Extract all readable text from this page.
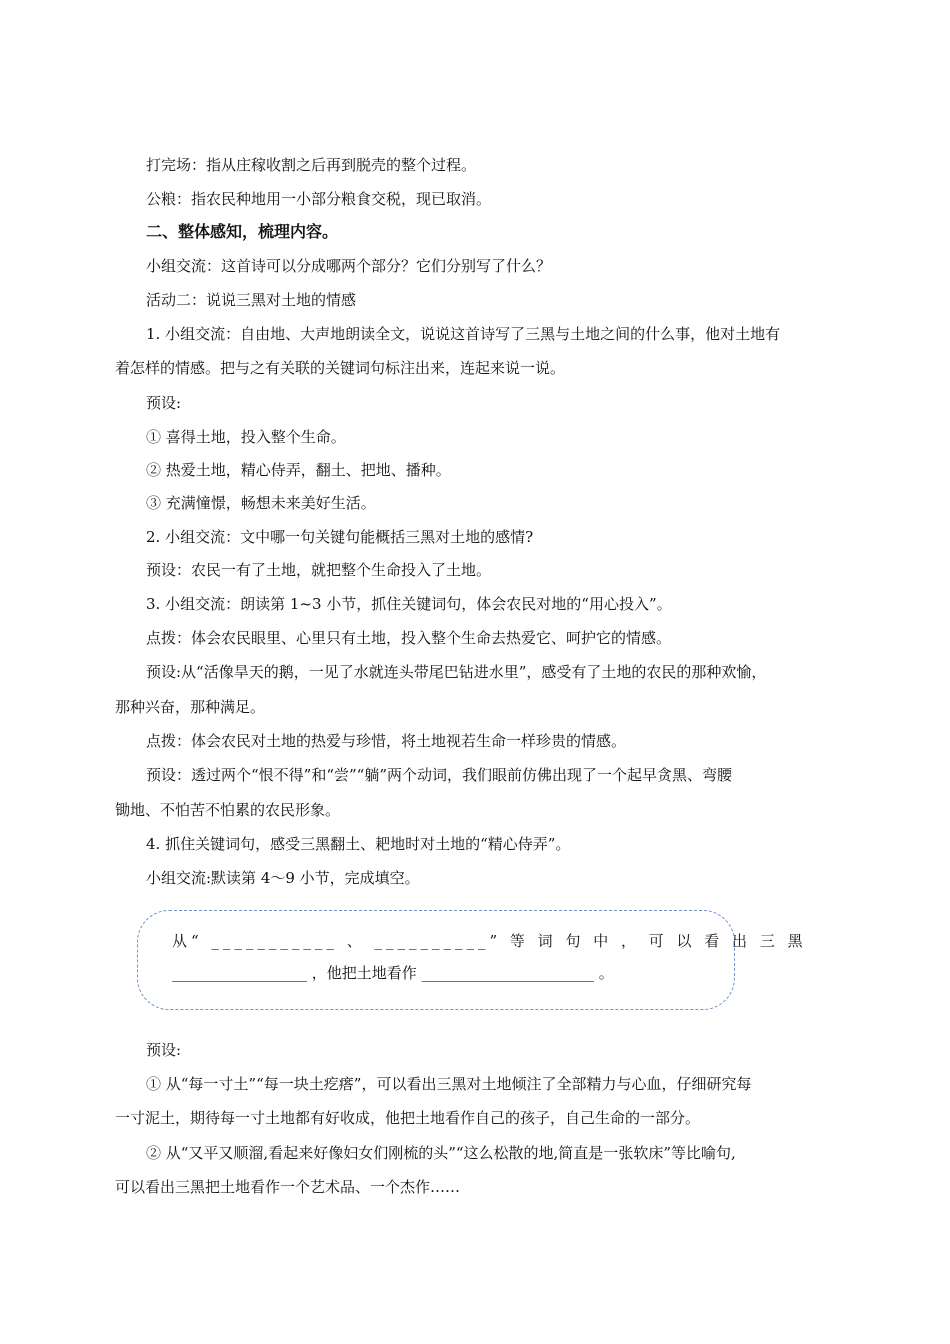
打完场：指从庄稼收割之后再到脱壳的整个过程。
公粮：指农民种地用一小部分粮食交税，现已取消。
二、整体感知，梳理内容。
小组交流：这首诗可以分成哪两个部分？它们分别写了什么？
活动二：说说三黑对土地的情感
1. 小组交流：自由地、大声地朗读全文，说说这首诗写了三黑与土地之间的什么事，他对土地有
着怎样的情感。把与之有关联的关键词句标注出来，连起来说一说。
预设:
① 喜得土地，投入整个生命。
② 热爱土地，精心侍弄，翻土、把地、播种。
③ 充满憧憬，畅想未来美好生活。
2. 小组交流：文中哪一句关键句能概括三黑对土地的感情?
预设：农民一有了土地，就把整个生命投入了土地。
3. 小组交流：朗读第 1~3 小节，抓住关键词句，体会农民对地的“用心投入”。
点拨：体会农民眼里、心里只有土地，投入整个生命去热爱它、呵护它的情感。
预设:从“活像旱天的鹅，一见了水就连头带尾巴钻进水里”，感受有了土地的农民的那种欢愉，
那种兴奋，那种满足。
点拨：体会农民对土地的热爱与珍惜，将土地视若生命一样珍贵的情感。
预设：透过两个“恨不得”和“尝”“躺”两个动词，我们眼前仿佛出现了一个起早贪黑、弯腰
锄地、不怕苦不怕累的农民形象。
4. 抓住关键词句，感受三黑翻土、耙地时对土地的“精心侍弄”。
小组交流:默读第 4～9 小节，完成填空。
从“ ___________ 、 __________” 等 词 句 中 ， 可 以 看 出 三 黑
__________________ ，他把土地看作 _______________________ 。
预设:
① 从“每一寸土”“每一块土疙瘩”，可以看出三黑对土地倾注了全部精力与心血，仔细研究每
一寸泥土，期待每一寸土地都有好收成，他把土地看作自己的孩子，自己生命的一部分。
② 从“又平又顺溜,看起来好像妇女们刚梳的头”“这么松散的地,简直是一张软床”等比喻句,
可以看出三黑把土地看作一个艺术品、一个杰作……
